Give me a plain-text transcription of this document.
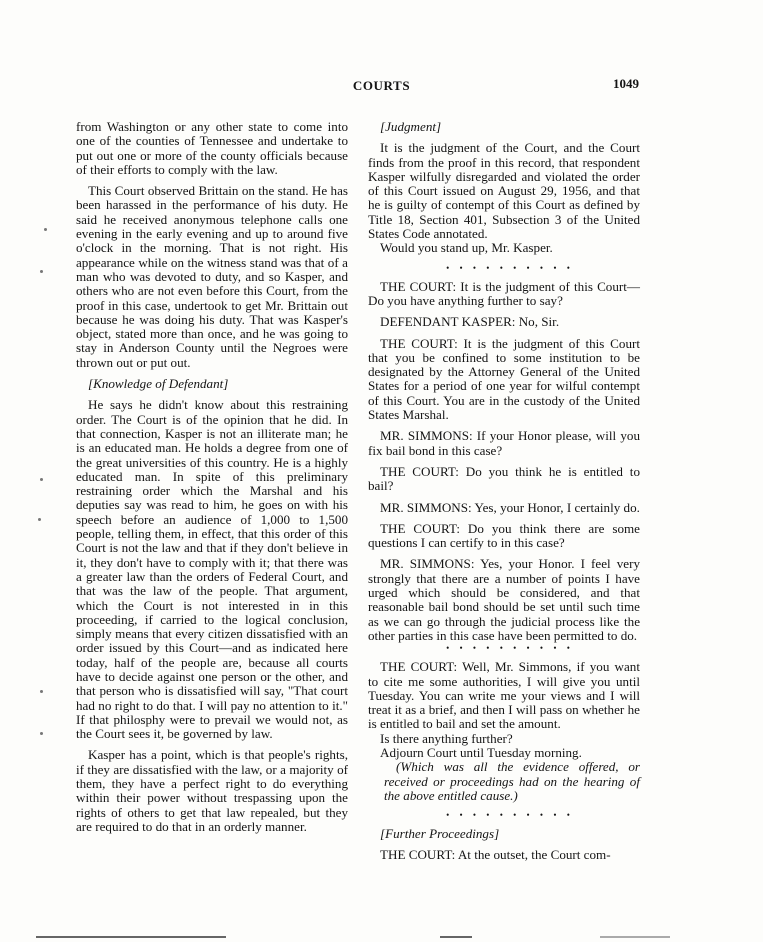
COURTS	1049

from Washington or any other state to come into one of the counties of Tennessee and undertake to put out one or more of the county officials because of their efforts to comply with the law.

This Court observed Brittain on the stand. He has been harassed in the performance of his duty. He said he received anonymous telephone calls one evening in the early evening and up to around five o'clock in the morning. That is not right. His appearance while on the witness stand was that of a man who was devoted to duty, and so Kasper, and others who are not even before this Court, from the proof in this case, undertook to get Mr. Brittain out because he was doing his duty. That was Kasper's object, stated more than once, and he was going to stay in Anderson County until the Negroes were thrown out or put out.

[Knowledge of Defendant]

He says he didn't know about this restraining order. The Court is of the opinion that he did. In that connection, Kasper is not an illiterate man; he is an educated man. He holds a degree from one of the great universities of this country. He is a highly educated man. In spite of this preliminary restraining order which the Marshal and his deputies say was read to him, he goes on with his speech before an audience of 1,000 to 1,500 people, telling them, in effect, that this order of this Court is not the law and that if they don't believe in it, they don't have to comply with it; that there was a greater law than the orders of Federal Court, and that was the law of the people. That argument, which the Court is not interested in in this proceeding, if carried to the logical conclusion, simply means that every citizen dissatisfied with an order issued by this Court—and as indicated here today, half of the people are, because all courts have to decide against one person or the other, and that person who is dissatisfied will say, "That court had no right to do that. I will pay no attention to it." If that philosphy were to prevail we would not, as the Court sees it, be governed by law.

Kasper has a point, which is that people's rights, if they are dissatisfied with the law, or a majority of them, they have a perfect right to do everything within their power without trespassing upon the rights of others to get that law repealed, but they are required to do that in an orderly manner.

[Judgment]

It is the judgment of the Court, and the Court finds from the proof in this record, that respondent Kasper wilfully disregarded and violated the order of this Court issued on August 29, 1956, and that he is guilty of contempt of this Court as defined by Title 18, Section 401, Subsection 3 of the United States Code annotated.

Would you stand up, Mr. Kasper.

• • • • • • • • • •

THE COURT: It is the judgment of this Court—Do you have anything further to say?

DEFENDANT KASPER: No, Sir.

THE COURT: It is the judgment of this Court that you be confined to some institution to be designated by the Attorney General of the United States for a period of one year for wilful contempt of this Court. You are in the custody of the United States Marshal.

MR. SIMMONS: If your Honor please, will you fix bail bond in this case?

THE COURT: Do you think he is entitled to bail?

MR. SIMMONS: Yes, your Honor, I certainly do.

THE COURT: Do you think there are some questions I can certify to in this case?

MR. SIMMONS: Yes, your Honor. I feel very strongly that there are a number of points I have urged which should be considered, and that reasonable bail bond should be set until such time as we can go through the judicial process like the other parties in this case have been permitted to do.

• • • • • • • • • •

THE COURT: Well, Mr. Simmons, if you want to cite me some authorities, I will give you until Tuesday. You can write me your views and I will treat it as a brief, and then I will pass on whether he is entitled to bail and set the amount.

Is there anything further?

Adjourn Court until Tuesday morning.

(Which was all the evidence offered, or received or proceedings had on the hearing of the above entitled cause.)

• • • • • • • • • •

[Further Proceedings]

THE COURT: At the outset, the Court com-
